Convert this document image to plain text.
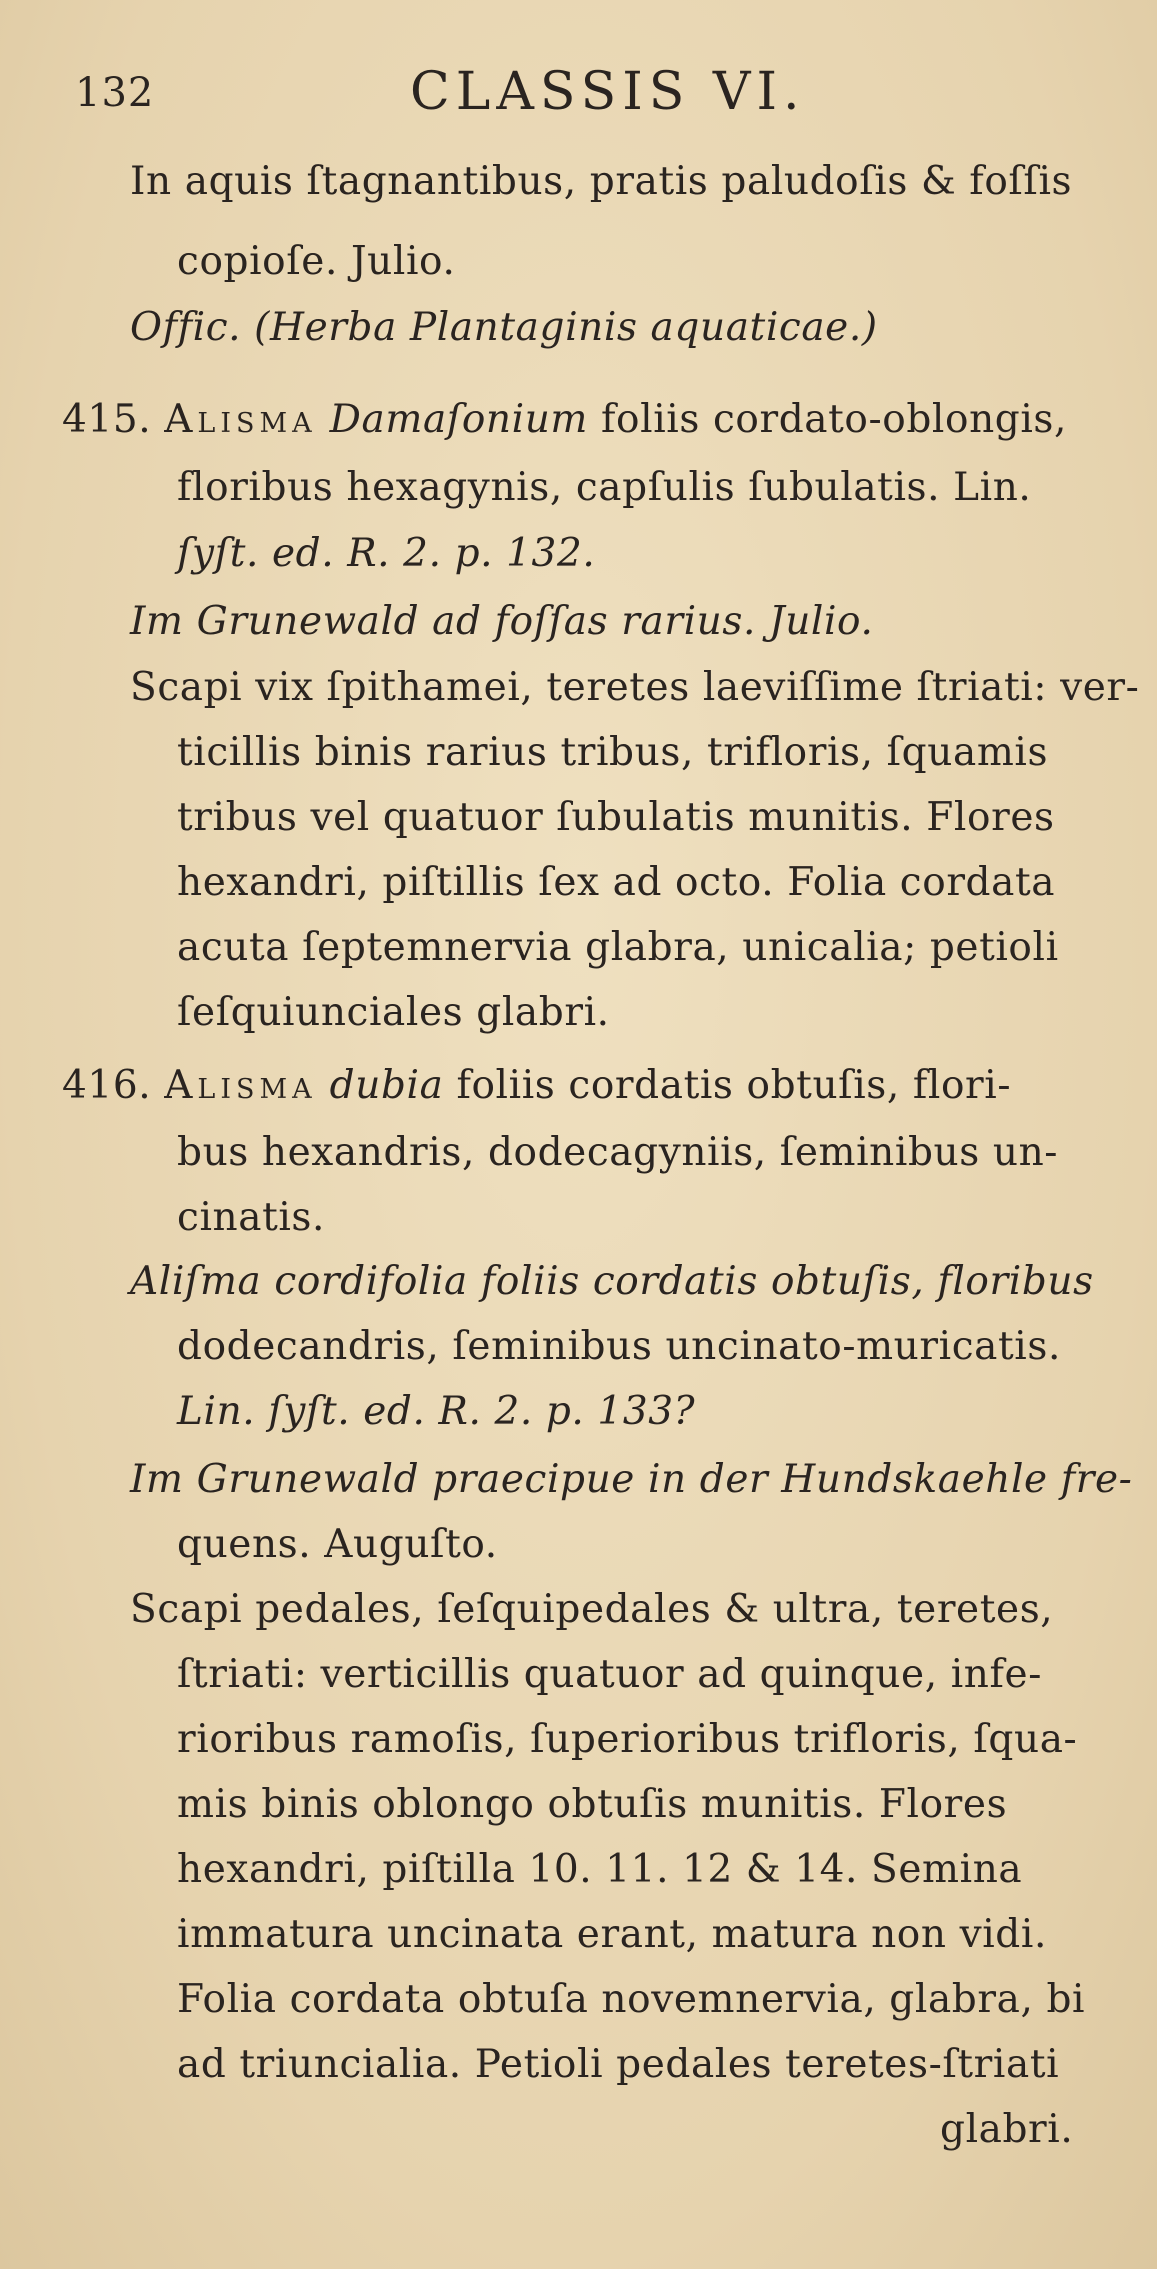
132	CLASSIS VI.
In aquis ſtagnantibus, pratis paludoſis & foſſis
copioſe. Julio.
Offic. (Herba Plantaginis aquaticae.)
415. Alisma Damaſonium foliis cordato-oblongis,
floribus hexagynis, capſulis ſubulatis. Lin.
ſyſt. ed. R. 2. p. 132.
Im Grunewald ad foſſas rarius. Julio.
Scapi vix ſpithamei, teretes laeviſſime ſtriati: ver-
ticillis binis rarius tribus, trifloris, ſquamis
tribus vel quatuor ſubulatis munitis. Flores
hexandri, piſtillis ſex ad octo. Folia cordata
acuta ſeptemnervia glabra, unicalia; petioli
ſeſquiunciales glabri.
416. Alisma dubia foliis cordatis obtuſis, flori-
bus hexandris, dodecagyniis, ſeminibus un-
cinatis.
Aliſma cordifolia foliis cordatis obtuſis, floribus
dodecandris, ſeminibus uncinato-muricatis.
Lin. ſyſt. ed. R. 2. p. 133?
Im Grunewald praecipue in der Hundskaehle fre-
quens. Auguſto.
Scapi pedales, ſeſquipedales & ultra, teretes,
ſtriati: verticillis quatuor ad quinque, infe-
rioribus ramoſis, ſuperioribus trifloris, ſqua-
mis binis oblongo obtuſis munitis. Flores
hexandri, piſtilla 10. 11. 12 & 14. Semina
immatura uncinata erant, matura non vidi.
Folia cordata obtuſa novemnervia, glabra, bi
ad triuncialia. Petioli pedales teretes-ſtriati
glabri.
